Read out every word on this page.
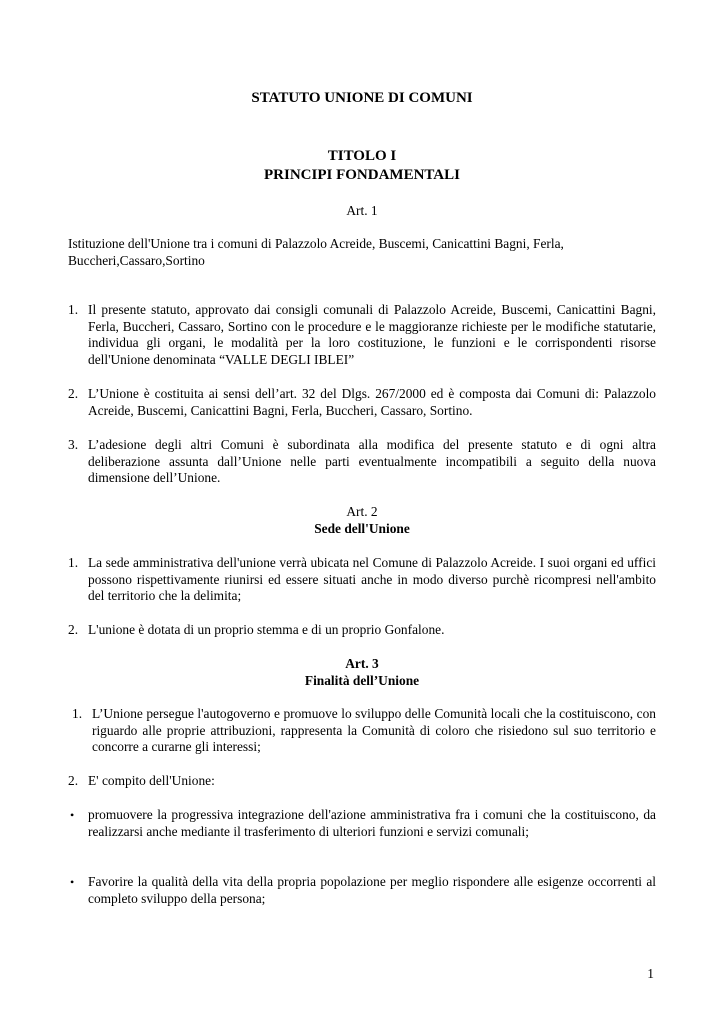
STATUTO UNIONE DI COMUNI
TITOLO I
PRINCIPI FONDAMENTALI
Art. 1
Istituzione dell'Unione tra i comuni di Palazzolo Acreide, Buscemi, Canicattini Bagni, Ferla, Buccheri,Cassaro,Sortino
1. Il presente statuto, approvato dai consigli comunali di Palazzolo Acreide, Buscemi, Canicattini Bagni, Ferla, Buccheri, Cassaro, Sortino con le procedure e le maggioranze richieste per le modifiche statutarie, individua gli organi, le modalità per la loro costituzione, le funzioni e le corrispondenti risorse dell'Unione denominata “VALLE DEGLI IBLEI”
2. L’Unione è costituita ai sensi dell’art. 32 del Dlgs. 267/2000 ed è composta dai Comuni di: Palazzolo Acreide, Buscemi, Canicattini Bagni, Ferla, Buccheri, Cassaro, Sortino.
3. L’adesione degli altri Comuni è subordinata alla modifica del presente statuto e di ogni altra deliberazione assunta dall’Unione nelle parti eventualmente incompatibili a seguito della nuova dimensione dell’Unione.
Art. 2
Sede dell'Unione
1. La sede amministrativa dell'unione verrà ubicata nel Comune di Palazzolo Acreide. I suoi organi ed uffici possono rispettivamente riunirsi ed essere situati anche in modo diverso purchè ricompresi nell'ambito del territorio che la delimita;
2. L'unione è dotata di un proprio stemma e di un proprio Gonfalone.
Art. 3
Finalità dell’Unione
1. L’Unione persegue l'autogoverno e promuove lo sviluppo delle Comunità locali che la costituiscono, con riguardo alle proprie attribuzioni, rappresenta la Comunità di coloro che risiedono sul suo territorio e concorre a curarne gli interessi;
2. E' compito dell'Unione:
• promuovere la progressiva integrazione dell'azione amministrativa fra i comuni che la costituiscono, da realizzarsi anche mediante il trasferimento di ulteriori funzioni e servizi comunali;
• Favorire la qualità della vita della propria popolazione per meglio rispondere alle esigenze occorrenti al completo sviluppo della persona;
1
